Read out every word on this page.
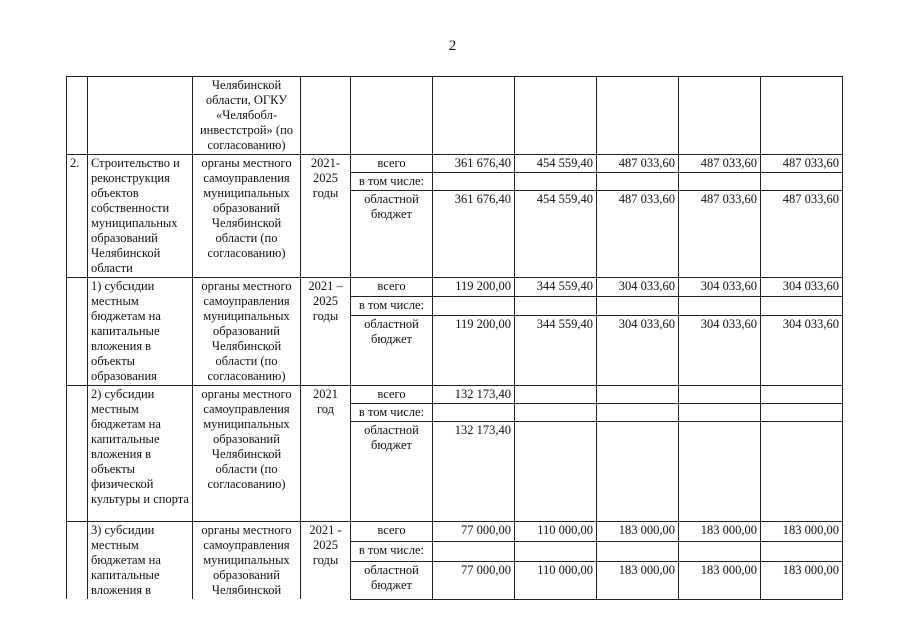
2
		Челябинской области, ОГКУ «Челябобл-инвестстрой» (по согласованию)							
2.	Строительство и реконструкция объектов собственности муниципальных образований Челябинской области	органы местного самоуправления муниципальных образований Челябинской области (по согласованию)	2021-2025 годы	всего	361 676,40	454 559,40	487 033,60	487 033,60	487 033,60
				в том числе:					
				областной бюджет	361 676,40	454 559,40	487 033,60	487 033,60	487 033,60
	1) субсидии местным бюджетам на капитальные вложения в объекты образования	органы местного самоуправления муниципальных образований Челябинской области (по согласованию)	2021 – 2025 годы	всего	119 200,00	344 559,40	304 033,60	304 033,60	304 033,60
				в том числе:					
				областной бюджет	119 200,00	344 559,40	304 033,60	304 033,60	304 033,60
	2) субсидии местным бюджетам на капитальные вложения в объекты физической культуры и спорта	органы местного самоуправления муниципальных образований Челябинской области (по согласованию)	2021 год	всего	132 173,40				
				в том числе:					
				областной бюджет	132 173,40				
	3) субсидии местным бюджетам на капитальные вложения в	органы местного самоуправления муниципальных образований Челябинской	2021 - 2025 годы	всего	77 000,00	110 000,00	183 000,00	183 000,00	183 000,00
				в том числе:					
				областной бюджет	77 000,00	110 000,00	183 000,00	183 000,00	183 000,00
